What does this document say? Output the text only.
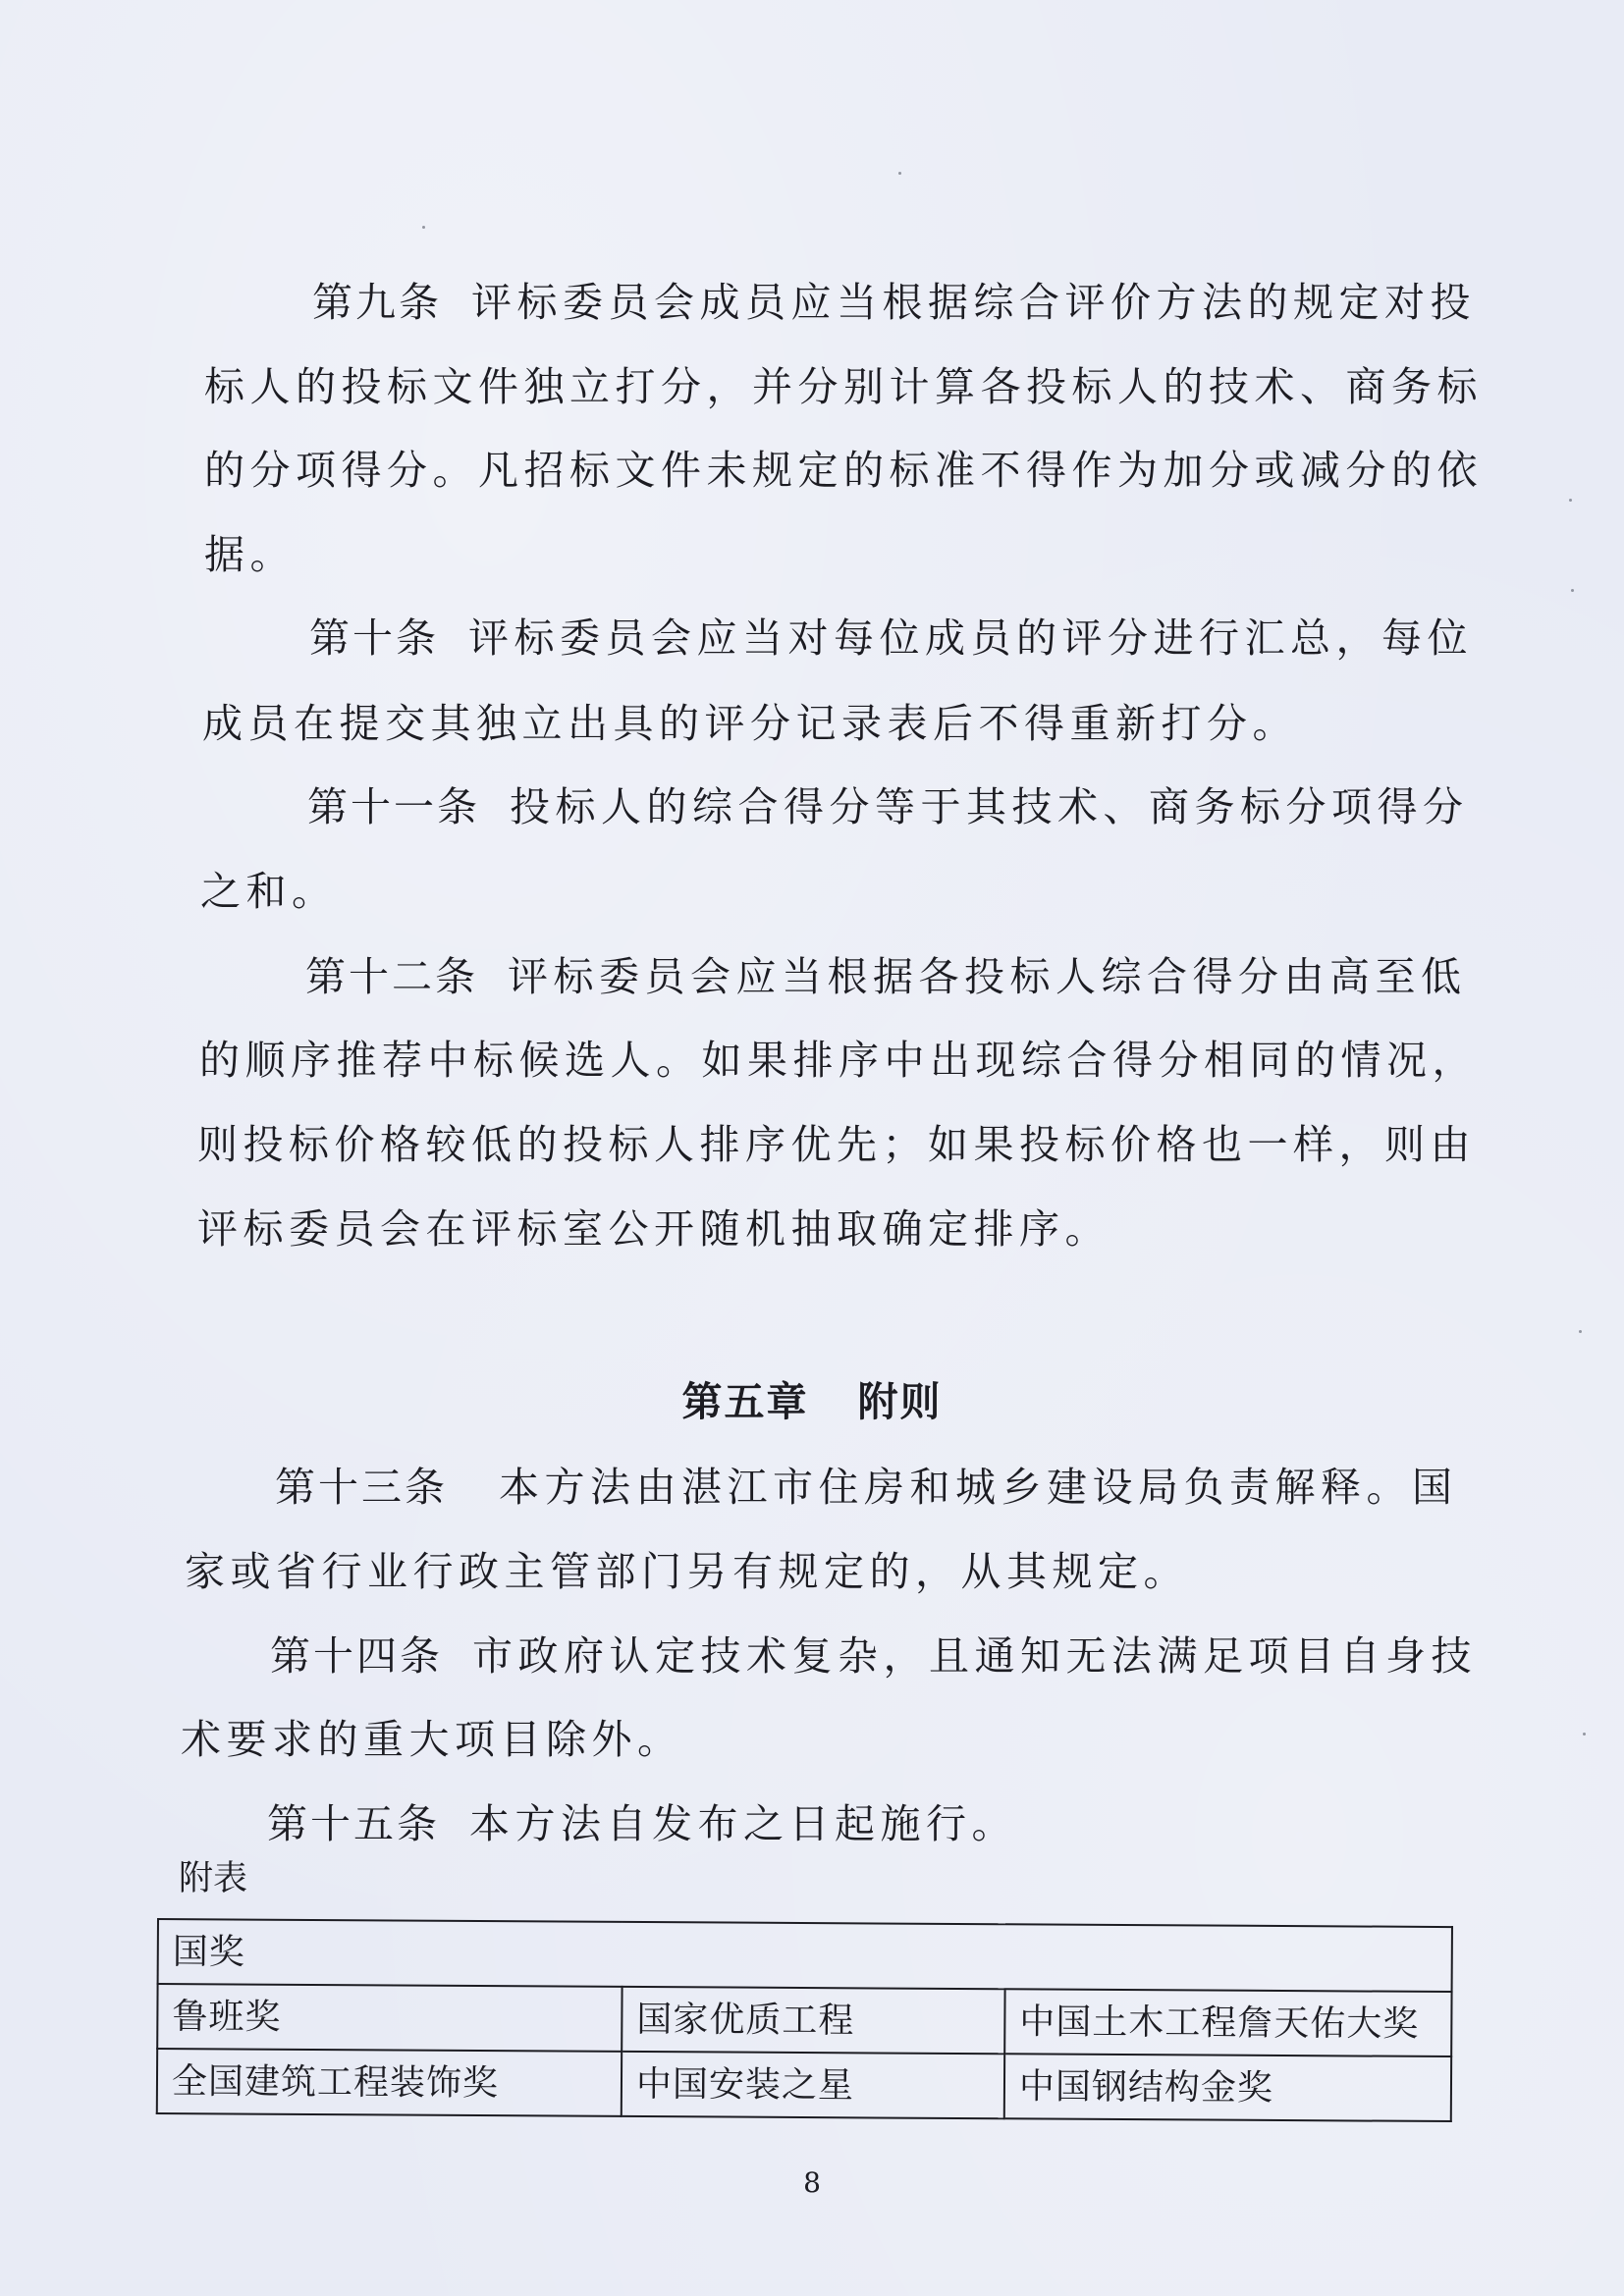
第九条 评标委员会成员应当根据综合评价方法的规定对投
标人的投标文件独立打分，并分别计算各投标人的技术、商务标
的分项得分。凡招标文件未规定的标准不得作为加分或减分的依
据。
第十条 评标委员会应当对每位成员的评分进行汇总，每位
成员在提交其独立出具的评分记录表后不得重新打分。
第十一条 投标人的综合得分等于其技术、商务标分项得分
之和。
第十二条 评标委员会应当根据各投标人综合得分由高至低
的顺序推荐中标候选人。如果排序中出现综合得分相同的情况，
则投标价格较低的投标人排序优先；如果投标价格也一样，则由
评标委员会在评标室公开随机抽取确定排序。
第五章 附则
第十三条 本方法由湛江市住房和城乡建设局负责解释。国
家或省行业行政主管部门另有规定的，从其规定。
第十四条 市政府认定技术复杂，且通知无法满足项目自身技
术要求的重大项目除外。
第十五条 本方法自发布之日起施行。
附表
国奖		
鲁班奖	国家优质工程	中国土木工程詹天佑大奖
全国建筑工程装饰奖	中国安装之星	中国钢结构金奖
8
